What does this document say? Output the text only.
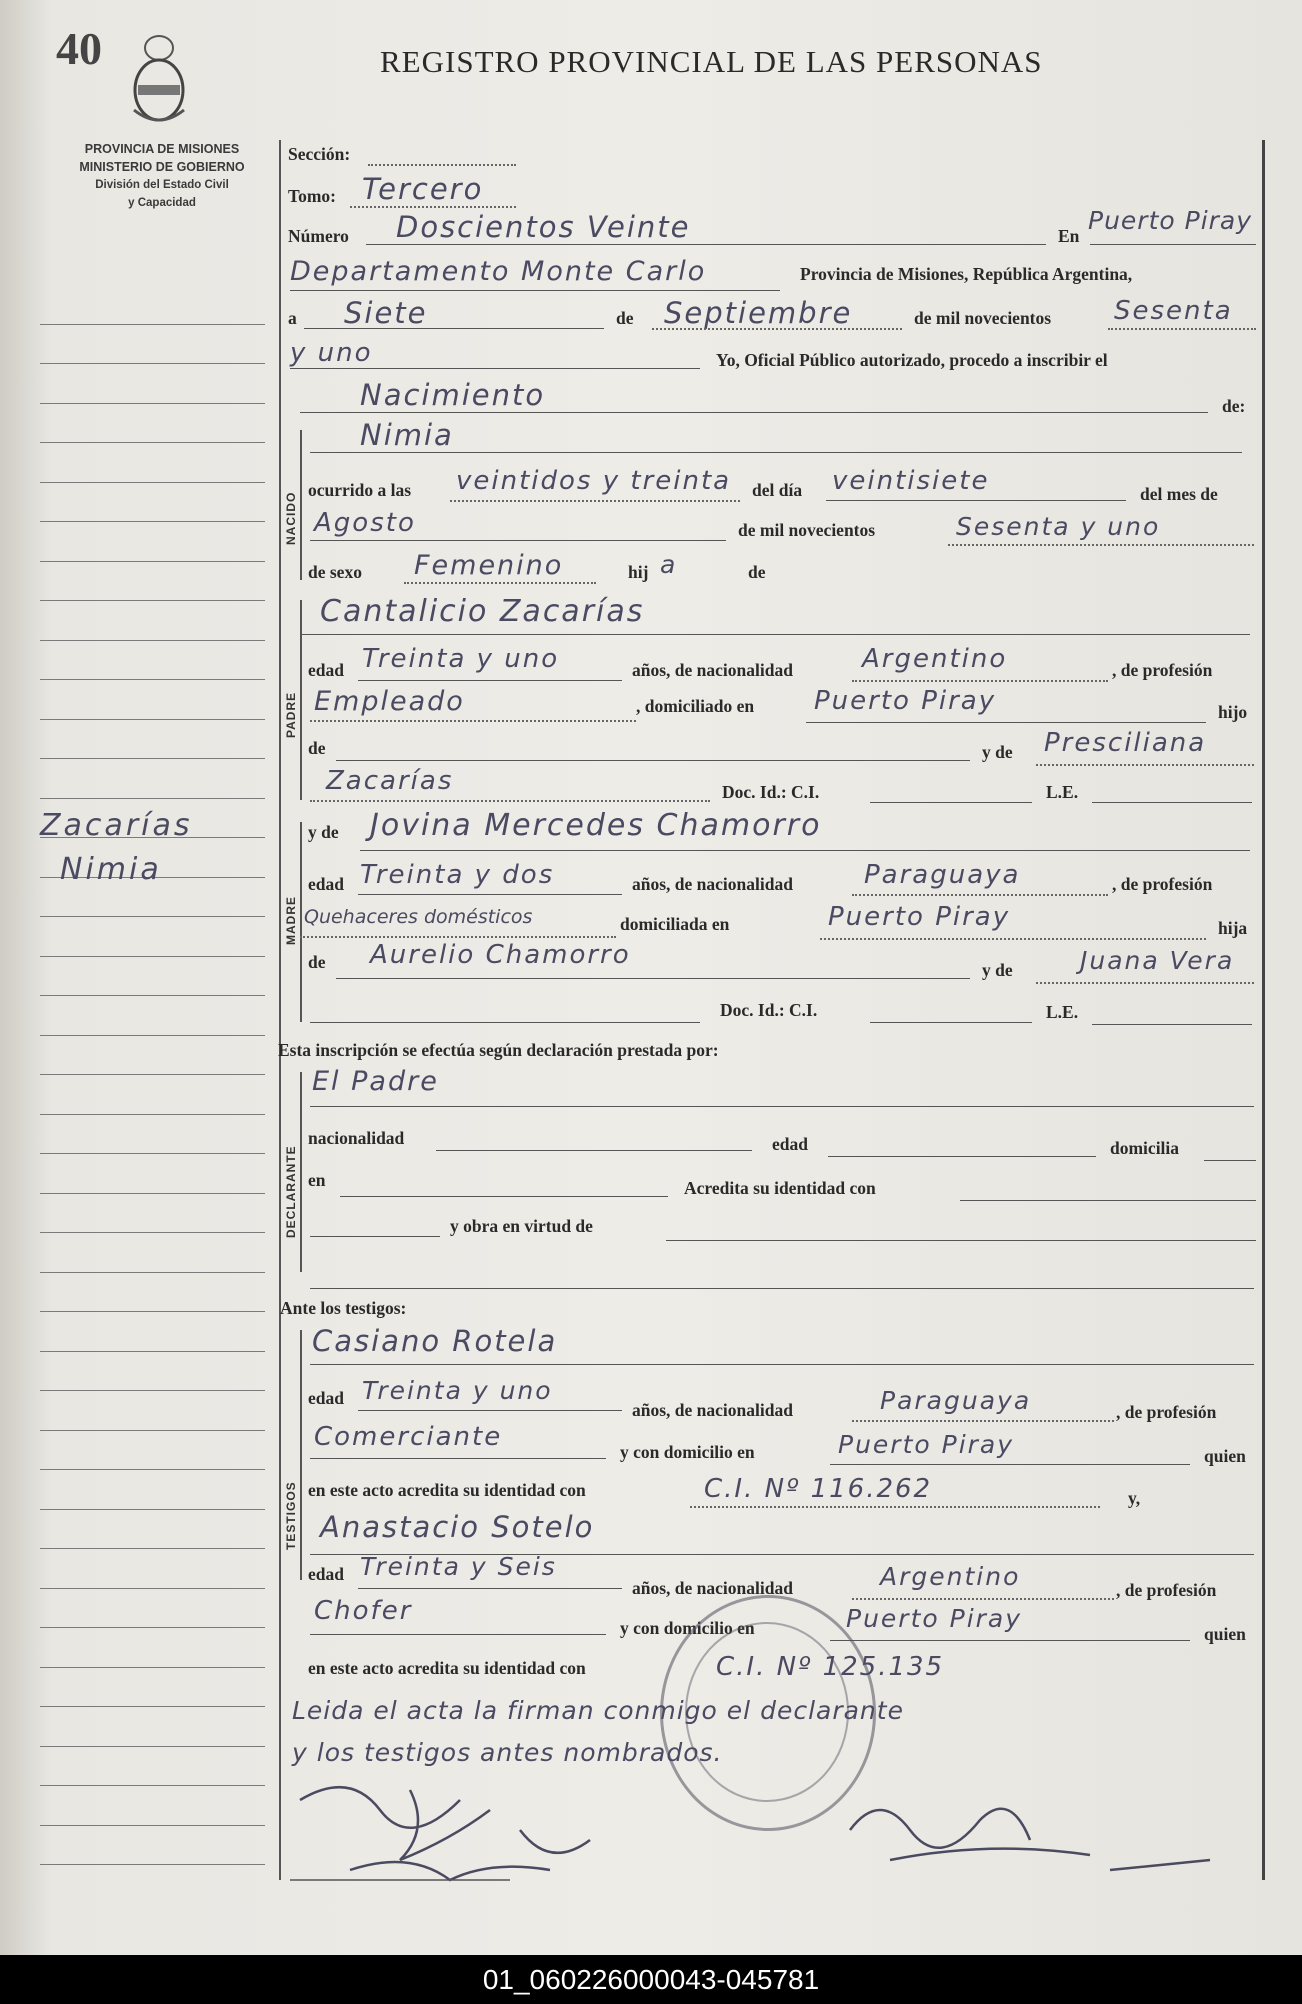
40	REGISTRO PROVINCIAL DE LAS PERSONAS
PROVINCIA DE MISIONES
MINISTERIO DE GOBIERNO
División del Estado Civil
y Capacidad
Zacarías
Nimia
Sección:
Tomo: Tercero
Número Doscientos Veinte	En
Puerto Piray
Departamento Monte Carlo	Provincia de Misiones, República Argentina,
a Siete	de Septiembre	de mil novecientos Sesenta
y uno	Yo, Oficial Público autorizado, procedo a inscribir el
Nacimiento	de:
NACIDO
Nimia
ocurrido a las veintidos y treinta del día veintisiete	del mes de
Agosto	de mil novecientos	Sesenta y uno
de sexo Femenino	hij a	de
PADRE
Cantalicio Zacarías
edad Treinta y uno	años, de nacionalidad	Argentino	, de profesión
Empleado	, domiciliado en Puerto Piray	hijo
de	y de Presciliana
Zacarías	Doc. Id.: C.I.	L.E.
MADRE
y de Jovina Mercedes Chamorro
edad Treinta y dos	años, de nacionalidad	Paraguaya	, de profesión
Quehaceres domésticos	domiciliada en	Puerto Piray	hija
de Aurelio Chamorro	y de	Juana Vera
Doc. Id.: C.I.	L.E.
Esta inscripción se efectúa según declaración prestada por:
DECLARANTE
El Padre
nacionalidad	edad	domicilia
en	Acredita su identidad con
y obra en virtud de
Ante los testigos:
TESTIGOS
Casiano Rotela
edad Treinta y uno
años, de nacionalidad	Paraguaya	, de profesión
Comerciante	y con domicilio en	Puerto Piray	quien
en este acto acredita su identidad con	C.I. Nº 116.262	y,
Anastacio Sotelo
edad Treinta y Seis
años, de nacionalidad	Argentino	, de profesión
Chofer
y con domicilio en	Puerto Piray
quien
en este acto acredita su identidad con	C.I. Nº 125.135
Leida el acta la firman conmigo el declarante
y los testigos antes nombrados.
01_060226000043-045781
